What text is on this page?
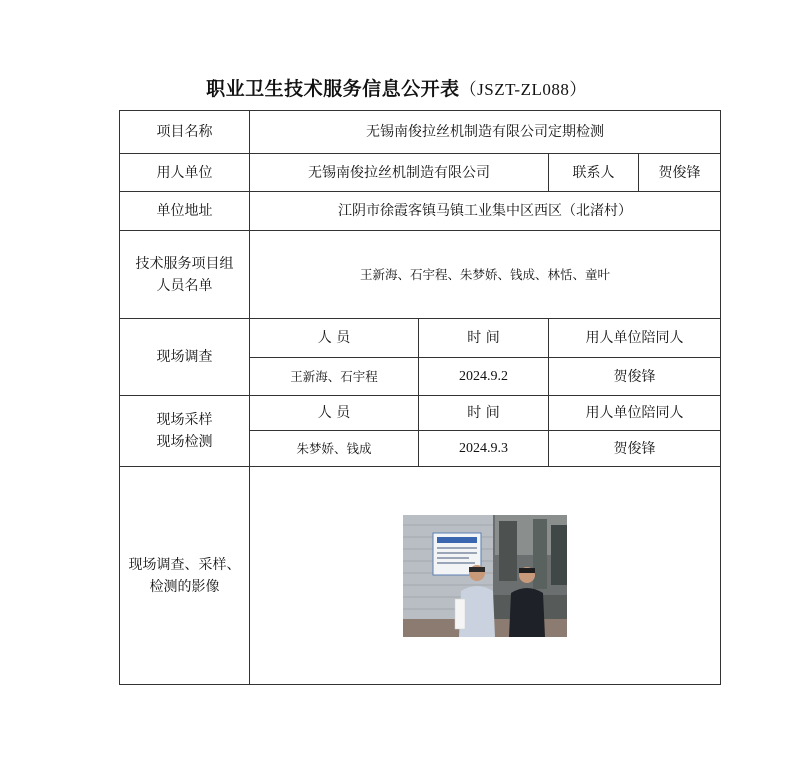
职业卫生技术服务信息公开表（JSZT-ZL088）
项目名称	无锡南俊拉丝机制造有限公司定期检测			
用人单位	无锡南俊拉丝机制造有限公司		联系人	贺俊锋
单位地址	江阴市徐霞客镇马镇工业集中区西区（北渚村）			
技术服务项目组
人员名单	王新海、石宇程、朱梦娇、钱成、林恬、童叶			
现场调查	人 员	时 间	用人单位陪同人	
	王新海、石宇程	2024.9.2	贺俊锋	
现场采样
现场检测	人 员	时 间	用人单位陪同人	
	朱梦娇、钱成	2024.9.3	贺俊锋	
现场调查、采样、
检测的影像	
